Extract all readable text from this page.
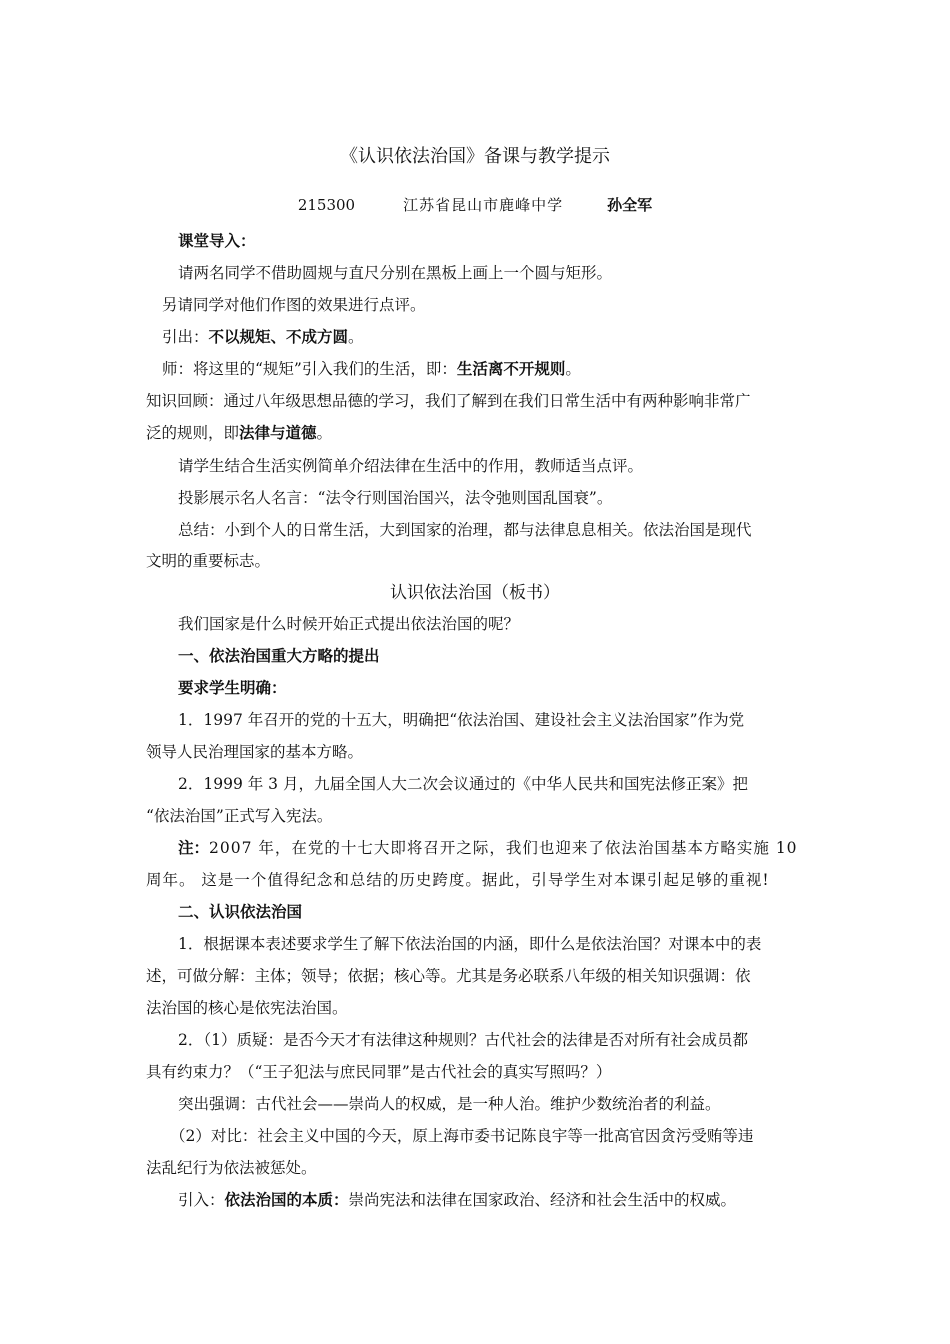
《认识依法治国》备课与教学提示
215300	江苏省昆山市鹿峰中学	孙全军
课堂导入：
请两名同学不借助圆规与直尺分别在黑板上画上一个圆与矩形。
另请同学对他们作图的效果进行点评。
引出：不以规矩、不成方圆。
师：将这里的“规矩”引入我们的生活，即：生活离不开规则。
知识回顾：通过八年级思想品德的学习，我们了解到在我们日常生活中有两种影响非常广
泛的规则，即法律与道德。
请学生结合生活实例简单介绍法律在生活中的作用，教师适当点评。
投影展示名人名言：“法令行则国治国兴，法令弛则国乱国衰”。
总结：小到个人的日常生活，大到国家的治理，都与法律息息相关。依法治国是现代
文明的重要标志。
认识依法治国（板书）
我们国家是什么时候开始正式提出依法治国的呢？
一、依法治国重大方略的提出
要求学生明确：
1．1997 年召开的党的十五大，明确把“依法治国、建设社会主义法治国家”作为党
领导人民治理国家的基本方略。
2．1999 年 3 月，九届全国人大二次会议通过的《中华人民共和国宪法修正案》把
“依法治国”正式写入宪法。
注：2007 年，在党的十七大即将召开之际，我们也迎来了依法治国基本方略实施 10
周年。 这是一个值得纪念和总结的历史跨度。据此，引导学生对本课引起足够的重视!
二、认识依法治国
1．根据课本表述要求学生了解下依法治国的内涵，即什么是依法治国？对课本中的表
述，可做分解：主体；领导；依据；核心等。尤其是务必联系八年级的相关知识强调：依
法治国的核心是依宪法治国。
2．（1）质疑：是否今天才有法律这种规则？古代社会的法律是否对所有社会成员都
具有约束力？（“王子犯法与庶民同罪”是古代社会的真实写照吗？）
突出强调：古代社会——崇尚人的权威，是一种人治。维护少数统治者的利益。
（2）对比：社会主义中国的今天，原上海市委书记陈良宇等一批高官因贪污受贿等违
法乱纪行为依法被惩处。
引入：依法治国的本质：崇尚宪法和法律在国家政治、经济和社会生活中的权威。
